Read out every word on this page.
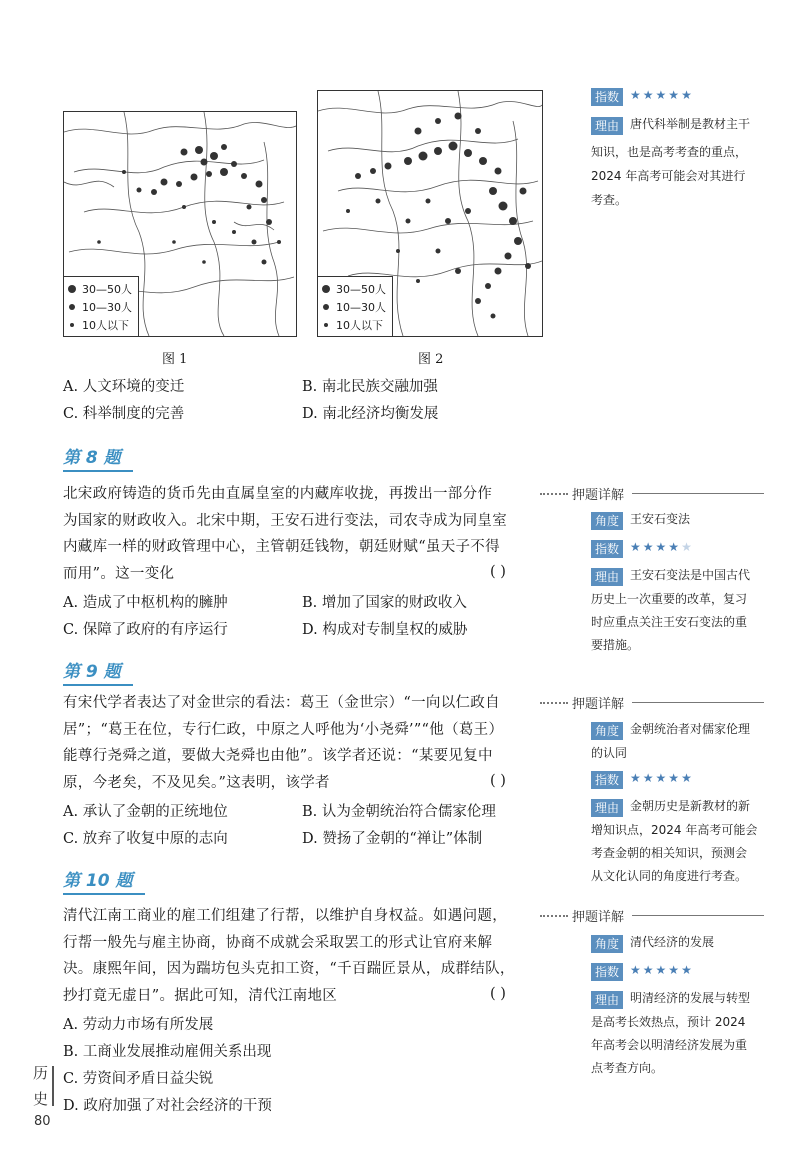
30—50人
10—30人
10人以下
图 1
30—50人
10—30人
10人以下
图 2
A. 人文环境的变迁	B. 南北民族交融加强
C. 科举制度的完善	D. 南北经济均衡发展
指数 ★★★★★
理由 唐代科举制是教材主干
知识，也是高考考查的重点，
2024 年高考可能会对其进行
考查。
第 8 题
北宋政府铸造的货币先由直属皇室的内藏库收拢，再拨出一部分作
为国家的财政收入。北宋中期，王安石进行变法，司农寺成为同皇室
内藏库一样的财政管理中心，主管朝廷钱物，朝廷财赋“虽天子不得
而用”。这一变化	( )
A. 造成了中枢机构的臃肿	B. 增加了国家的财政收入
C. 保障了政府的有序运行	D. 构成对专制皇权的威胁
押题详解
角度 王安石变法
指数 ★★★★★
理由 王安石变法是中国古代
历史上一次重要的改革，复习
时应重点关注王安石变法的重
要措施。
第 9 题
有宋代学者表达了对金世宗的看法：葛王（金世宗）“一向以仁政自
居”；“葛王在位，专行仁政，中原之人呼他为‘小尧舜’”“他（葛王）
能尊行尧舜之道，要做大尧舜也由他”。该学者还说：“某要见复中
原，今老矣，不及见矣。”这表明，该学者	( )
A. 承认了金朝的正统地位	B. 认为金朝统治符合儒家伦理
C. 放弃了收复中原的志向	D. 赞扬了金朝的“禅让”体制
押题详解
角度 金朝统治者对儒家伦理
的认同
指数 ★★★★★
理由 金朝历史是新教材的新
增知识点，2024 年高考可能会
考查金朝的相关知识，预测会
从文化认同的角度进行考查。
第 10 题
清代江南工商业的雇工们组建了行帮，以维护自身权益。如遇问题，
行帮一般先与雇主协商，协商不成就会采取罢工的形式让官府来解
决。康熙年间，因为踹坊包头克扣工资，“千百踹匠景从，成群结队，
抄打竟无虚日”。据此可知，清代江南地区	( )
A. 劳动力市场有所发展
B. 工商业发展推动雇佣关系出现
C. 劳资间矛盾日益尖锐
D. 政府加强了对社会经济的干预
押题详解
角度 清代经济的发展
指数 ★★★★★
理由 明清经济的发展与转型
是高考长效热点，预计 2024
年高考会以明清经济发展为重
点考查方向。
历
史
80
